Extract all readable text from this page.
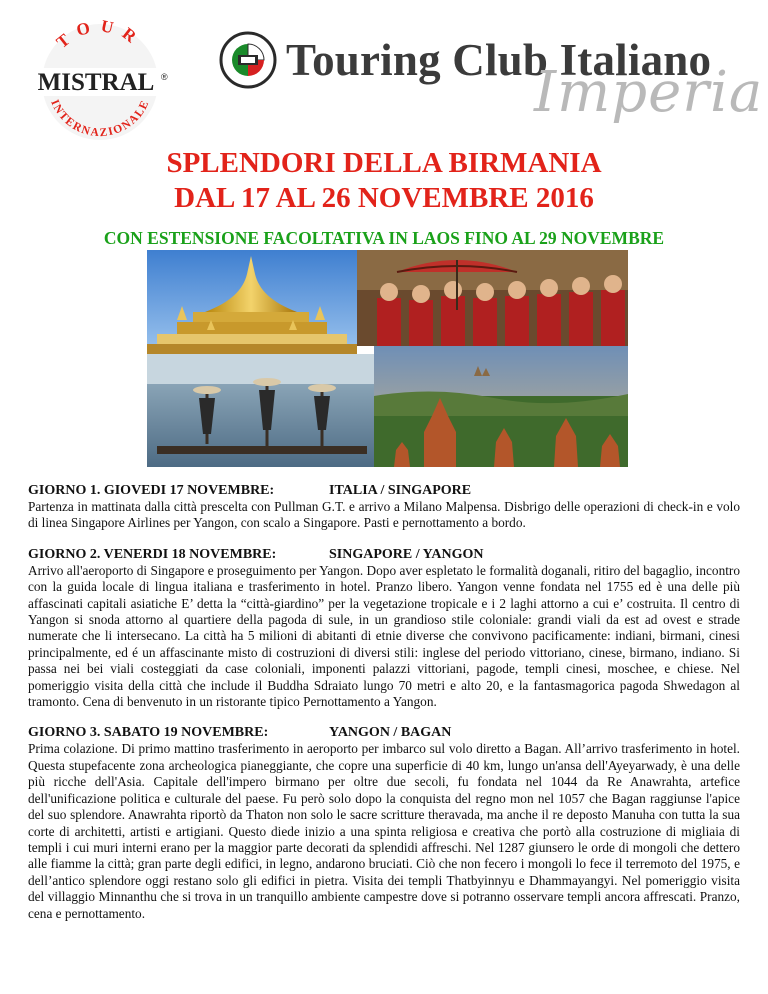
TOUR
MISTRAL ®
INTERNAZIONALE
Touring Club Italiano
Imperia
SPLENDORI DELLA BIRMANIA
DAL 17 AL 26 NOVEMBRE 2016
CON ESTENSIONE FACOLTATIVA IN LAOS FINO AL 29 NOVEMBRE
GIORNO 1. GIOVEDI 17 NOVEMBRE:	ITALIA / SINGAPORE
Partenza in mattinata dalla città prescelta con Pullman G.T. e arrivo a Milano Malpensa. Disbrigo delle operazioni di check-in e volo di linea Singapore Airlines per Yangon, con scalo a Singapore. Pasti e pernottamento a bordo.
GIORNO 2. VENERDI 18 NOVEMBRE:	SINGAPORE / YANGON
Arrivo all'aeroporto di Singapore e proseguimento per Yangon. Dopo aver espletato le formalità doganali, ritiro del bagaglio, incontro con la guida locale di lingua italiana e trasferimento in hotel. Pranzo libero. Yangon venne fondata nel 1755 ed è una delle più affascinati capitali asiatiche E’ detta la “città-giardino” per la vegetazione tropicale e i 2 laghi attorno a cui e’ costruita. Il centro di Yangon si snoda attorno al quartiere della pagoda di sule, in un grandioso stile coloniale: grandi viali da est ad ovest e strade numerate che li intersecano. La città ha 5 milioni di abitanti di etnie diverse che convivono pacificamente: indiani, birmani, cinesi principalmente, ed é un affascinante misto di costruzioni di diversi stili: inglese del periodo vittoriano, cinese, birmano, indiano. Si passa nei bei viali costeggiati da case coloniali, imponenti palazzi vittoriani, pagode, templi cinesi, moschee, e chiese. Nel pomeriggio visita della città che include il Buddha Sdraiato lungo 70 metri e alto 20, e la fantasmagorica pagoda Shwedagon al tramonto. Cena di benvenuto in un ristorante tipico Pernottamento a Yangon.
GIORNO 3. SABATO 19 NOVEMBRE:	YANGON / BAGAN
Prima colazione. Di primo mattino trasferimento in aeroporto per imbarco sul volo diretto a Bagan. All’arrivo trasferimento in hotel. Questa stupefacente zona archeologica pianeggiante, che copre una superficie di 40 km, lungo un'ansa dell'Ayeyarwady, è una delle più ricche dell'Asia. Capitale dell'impero birmano per oltre due secoli, fu fondata nel 1044 da Re Anawrahta, artefice dell'unificazione politica e culturale del paese. Fu però solo dopo la conquista del regno mon nel 1057 che Bagan raggiunse l'apice del suo splendore. Anawrahta riportò da Thaton non solo le sacre scritture theravada, ma anche il re deposto Manuha con tutta la sua corte di architetti, artisti e artigiani. Questo diede inizio a una spinta religiosa e creativa che portò alla costruzione di migliaia di templi i cui muri interni erano per la maggior parte decorati da splendidi affreschi. Nel 1287 giunsero le orde di mongoli che dettero alle fiamme la città; gran parte degli edifici, in legno, andarono bruciati. Ciò che non fecero i mongoli lo fece il terremoto del 1975, e dell’antico splendore oggi restano solo gli edifici in pietra. Visita dei templi Thatbyinnyu e Dhammayangyi. Nel pomeriggio visita del villaggio Minnanthu che si trova in un tranquillo ambiente campestre dove si potranno osservare templi ancora affrescati. Pranzo, cena e pernottamento.
